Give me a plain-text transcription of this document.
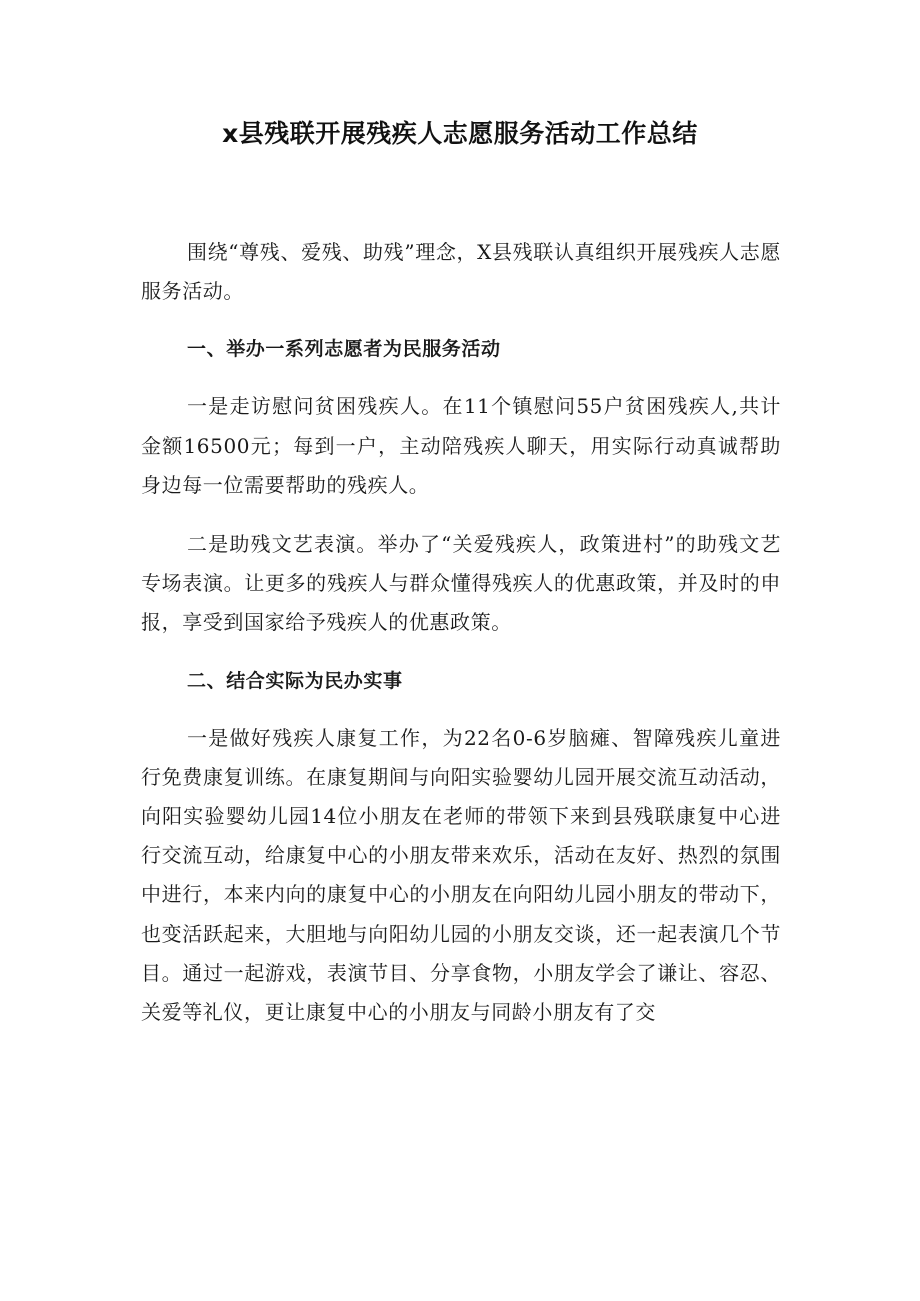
x县残联开展残疾人志愿服务活动工作总结

围绕“尊残、爱残、助残”理念，X县残联认真组织开展残疾人志愿服务活动。

一、举办一系列志愿者为民服务活动

一是走访慰问贫困残疾人。在11个镇慰问55户贫困残疾人,共计金额16500元；每到一户，主动陪残疾人聊天，用实际行动真诚帮助身边每一位需要帮助的残疾人。

二是助残文艺表演。举办了“关爱残疾人，政策进村”的助残文艺专场表演。让更多的残疾人与群众懂得残疾人的优惠政策，并及时的申报，享受到国家给予残疾人的优惠政策。

二、结合实际为民办实事

一是做好残疾人康复工作，为22名0-6岁脑瘫、智障残疾儿童进行免费康复训练。在康复期间与向阳实验婴幼儿园开展交流互动活动，向阳实验婴幼儿园14位小朋友在老师的带领下来到县残联康复中心进行交流互动，给康复中心的小朋友带来欢乐，活动在友好、热烈的氛围中进行，本来内向的康复中心的小朋友在向阳幼儿园小朋友的带动下，也变活跃起来，大胆地与向阳幼儿园的小朋友交谈，还一起表演几个节目。通过一起游戏，表演节目、分享食物，小朋友学会了谦让、容忍、关爱等礼仪，更让康复中心的小朋友与同龄小朋友有了交
